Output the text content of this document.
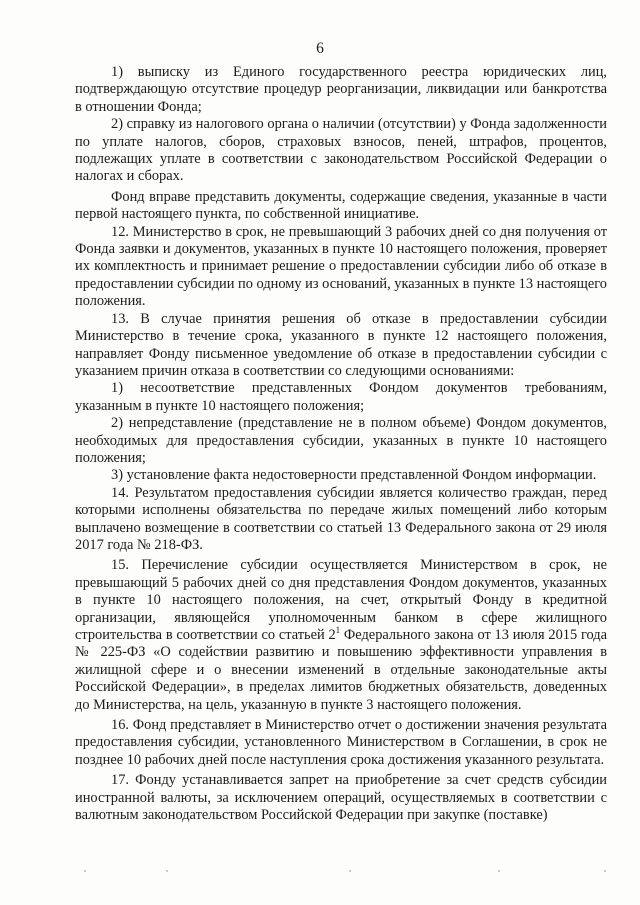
6

1) выписку из Единого государственного реестра юридических лиц, подтверждающую отсутствие процедур реорганизации, ликвидации или банкротства в отношении Фонда;

2) справку из налогового органа о наличии (отсутствии) у Фонда задолженности по уплате налогов, сборов, страховых взносов, пеней, штрафов, процентов, подлежащих уплате в соответствии с законодательством Российской Федерации о налогах и сборах.

Фонд вправе представить документы, содержащие сведения, указанные в части первой настоящего пункта, по собственной инициативе.

12. Министерство в срок, не превышающий 3 рабочих дней со дня получения от Фонда заявки и документов, указанных в пункте 10 настоящего положения, проверяет их комплектность и принимает решение о предоставлении субсидии либо об отказе в предоставлении субсидии по одному из оснований, указанных в пункте 13 настоящего положения.

13. В случае принятия решения об отказе в предоставлении субсидии Министерство в течение срока, указанного в пункте 12 настоящего положения, направляет Фонду письменное уведомление об отказе в предоставлении субсидии с указанием причин отказа в соответствии со следующими основаниями:

1) несоответствие представленных Фондом документов требованиям, указанным в пункте 10 настоящего положения;

2) непредставление (представление не в полном объеме) Фондом документов, необходимых для предоставления субсидии, указанных в пункте 10 настоящего положения;

3) установление факта недостоверности представленной Фондом информации.

14. Результатом предоставления субсидии является количество граждан, перед которыми исполнены обязательства по передаче жилых помещений либо которым выплачено возмещение в соответствии со статьей 13 Федерального закона от 29 июля 2017 года № 218-ФЗ.

15. Перечисление субсидии осуществляется Министерством в срок, не превышающий 5 рабочих дней со дня представления Фондом документов, указанных в пункте 10 настоящего положения, на счет, открытый Фонду в кредитной организации, являющейся уполномоченным банком в сфере жилищного строительства в соответствии со статьей 2$^1$ Федерального закона от 13 июля 2015 года № 225-ФЗ «О содействии развитию и повышению эффективности управления в жилищной сфере и о внесении изменений в отдельные законодательные акты Российской Федерации», в пределах лимитов бюджетных обязательств, доведенных до Министерства, на цель, указанную в пункте 3 настоящего положения.

16. Фонд представляет в Министерство отчет о достижении значения результата предоставления субсидии, установленного Министерством в Соглашении, в срок не позднее 10 рабочих дней после наступления срока достижения указанного результата.

17. Фонду устанавливается запрет на приобретение за счет средств субсидии иностранной валюты, за исключением операций, осуществляемых в соответствии с валютным законодательством Российской Федерации при закупке (поставке)
